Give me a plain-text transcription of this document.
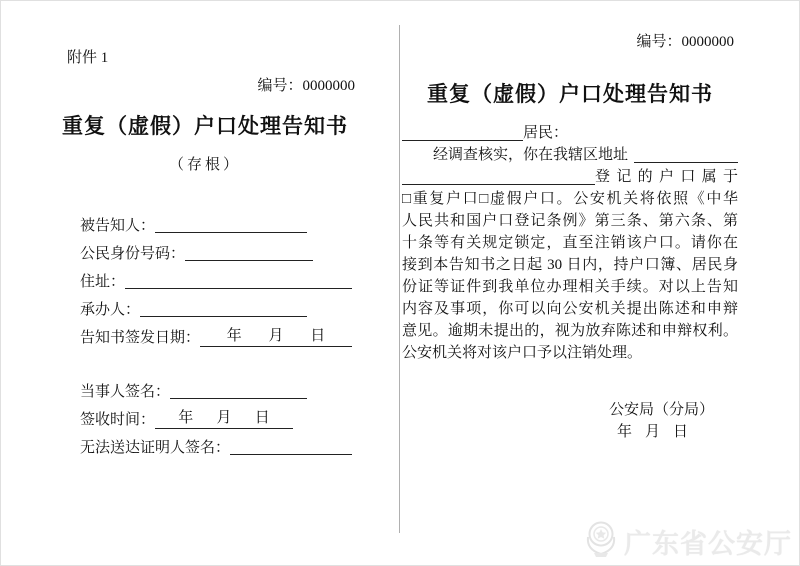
附件 1
编号：0000000
重复（虚假）户口处理告知书
（存根）
被告知人：
公民身份号码：
住址：
承办人：
告知书签发日期： 年 月 日
当事人签名：
签收时间： 年 月 日
无法送达证明人签名：
编号：0000000
重复（虚假）户口处理告知书
居民：
经调查核实，你在我辖区地址
登记的户口属于
□重复户口□虚假户口。公安机关将依照《中华
人民共和国户口登记条例》第三条、第六条、第
十条等有关规定锁定，直至注销该户口。请你在
接到本告知书之日起 30 日内，持户口簿、居民身
份证等证件到我单位办理相关手续。对以上告知
内容及事项，你可以向公安机关提出陈述和申辩
意见。逾期未提出的，视为放弃陈述和申辩权利。
公安机关将对该户口予以注销处理。
公安局（分局）
年 月 日
广东省公安厅
